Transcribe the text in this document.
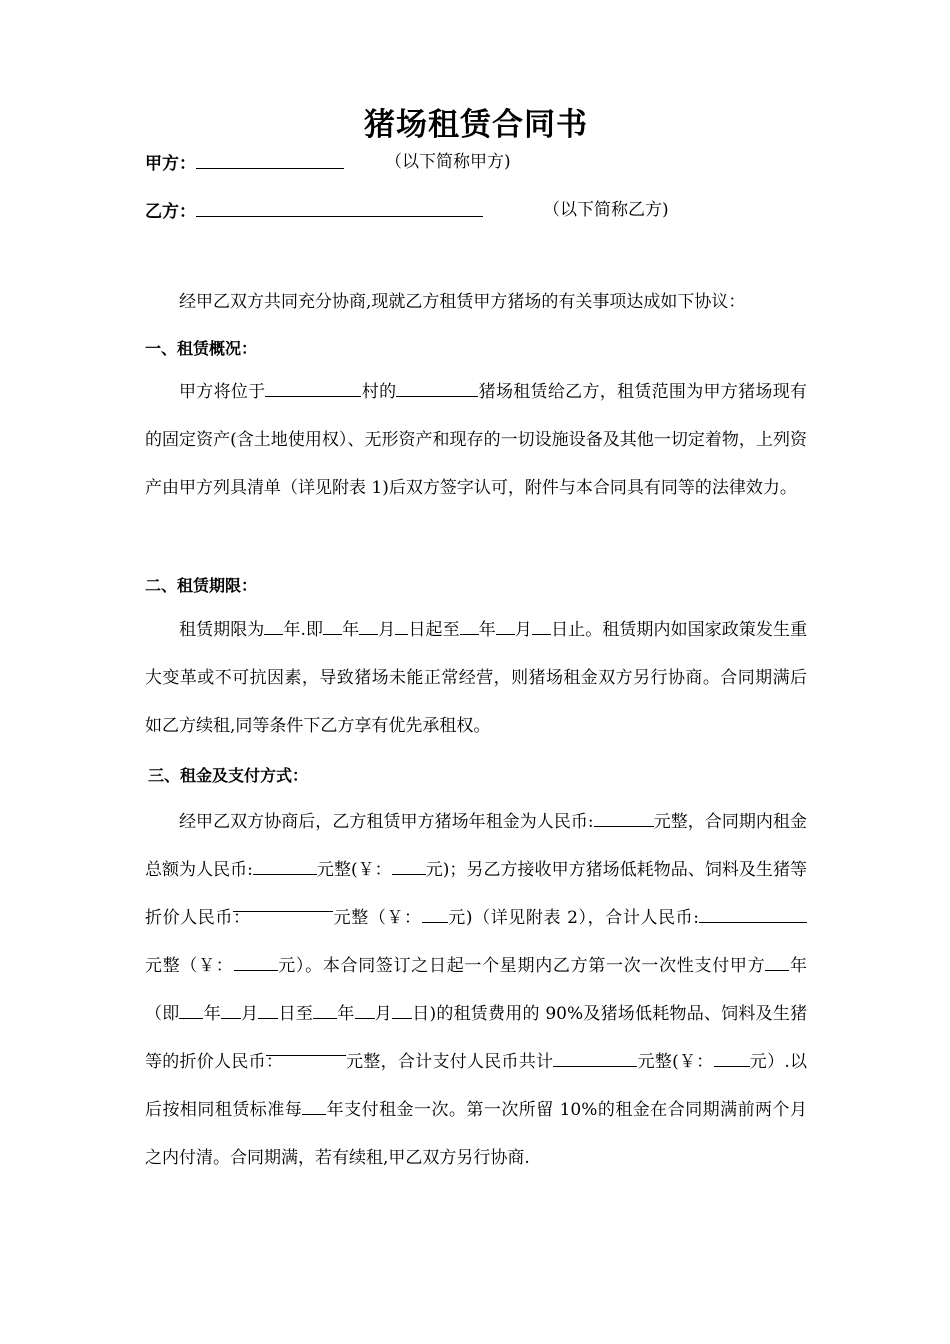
猪场租赁合同书
甲方：	（以下简称甲方)
乙方：	（以下简称乙方)
经甲乙双方共同充分协商,现就乙方租赁甲方猪场的有关事项达成如下协议：
一、租赁概况：
甲方将位于	村的	猪场租赁给乙方，租赁范围为甲方猪场现有的固定资产(含土地使用权）、无形资产和现存的一切设施设备及其他一切定着物，上列资产由甲方列具清单（详见附表 1)后双方签字认可，附件与本合同具有同等的法律效力。
二、租赁期限：
租赁期限为 年.即 年 月 日起至 年 月 日止。租赁期内如国家政策发生重大变革或不可抗因素，导致猪场未能正常经营，则猪场租金双方另行协商。合同期满后如乙方续租,同等条件下乙方享有优先承租权。
三、租金及支付方式：
经甲乙双方协商后，乙方租赁甲方猪场年租金为人民币:	元整，合同期内租金总额为人民币:	元整(￥： 元)；另乙方接收甲方猪场低耗物品、饲料及生猪等折价人民币：	元整（￥： 元)（详见附表 2），合计人民币:元整（￥：	元）。本合同签订之日起一个星期内乙方第一次一次性支付甲方 年（即 年 月 日至 年 月 日)的租赁费用的 90%及猪场低耗物品、饲料及生猪等的折价人民币：	元整，合计支付人民币共计	元整(￥： 元）.以后按相同租赁标准每 年支付租金一次。第一次所留 10%的租金在合同期满前两个月之内付清。合同期满，若有续租,甲乙双方另行协商.
